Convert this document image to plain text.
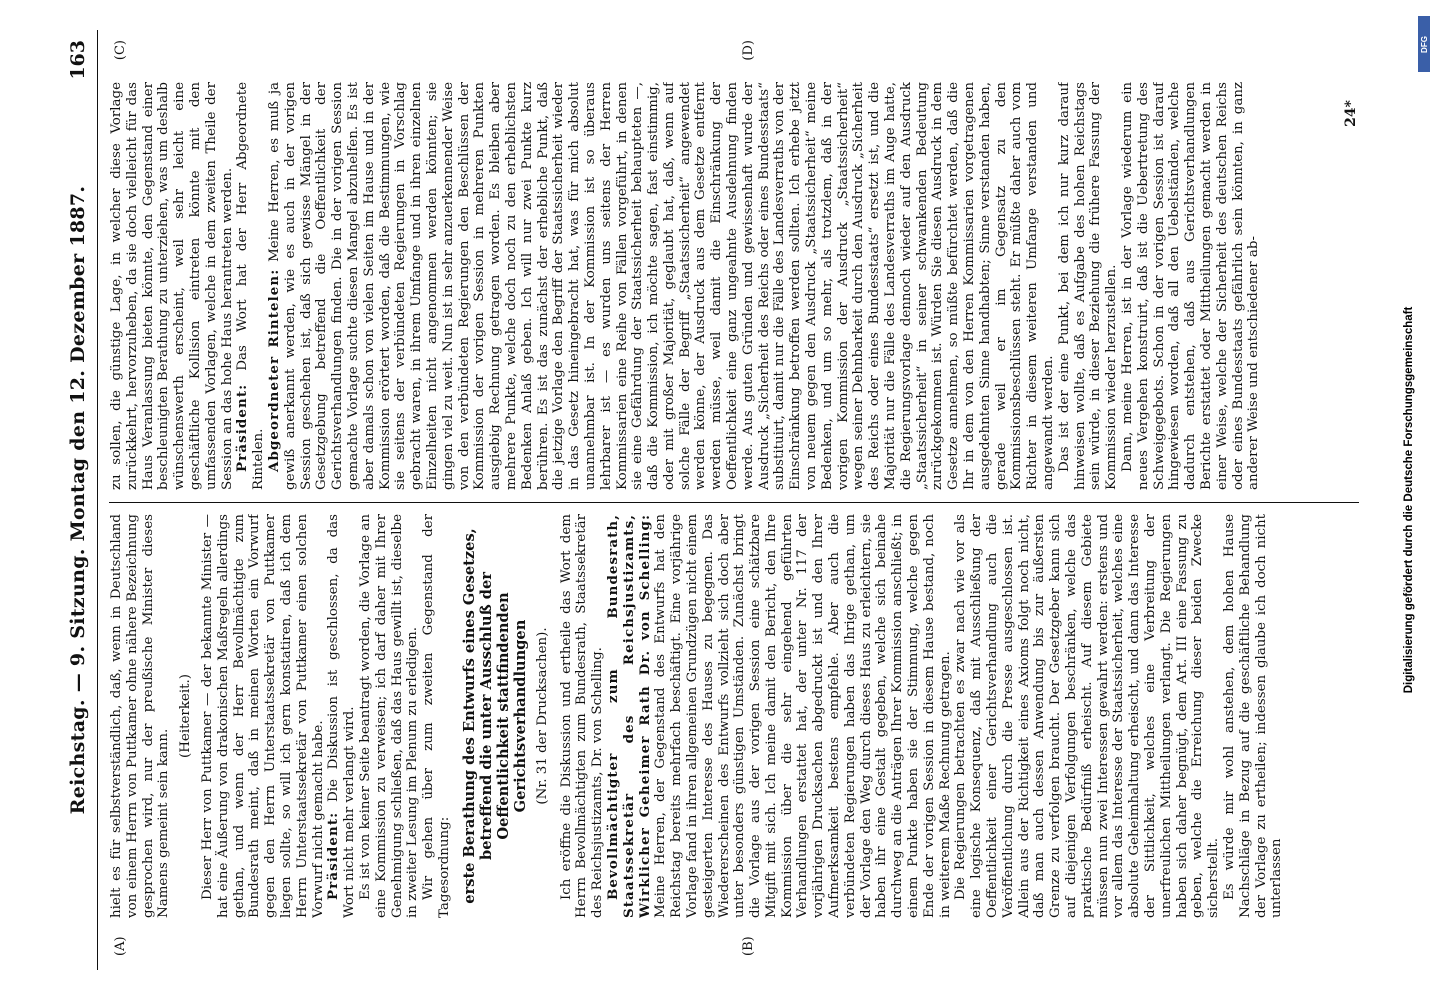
Reichstag. — 9. Sitzung. Montag den 12. Dezember 1887.
163
(A)	(B)
(C)	(D)

hielt es für selbstverständlich, daß, wenn in Deutschland von einem Herrn von Puttkamer ohne nähere Bezeichnung gesprochen wird, nur der preußische Minister dieses Namens gemeint sein kann.

(Heiterkeit.) Dieser Herr von Puttkamer — der bekannte Minister — hat eine Äußerung von drakonischen Maßregeln allerdings gethan, und wenn der Herr Bevollmächtigte zum Bundesrath meint, daß in meinen Worten ein Vorwurf gegen den Herrn Unterstaatssekretär von Puttkamer liegen sollte, so will ich gern konstatiren, daß ich dem Herrn Unterstaatssekretär von Puttkamer einen solchen Vorwurf nicht gemacht habe. Präsident: Die Diskussion ist geschlossen, da das Wort nicht mehr verlangt wird. Es ist von keiner Seite beantragt worden, die Vorlage an eine Kommission zu verweisen; ich darf daher mit Ihrer Genehmigung schließen, daß das Haus gewillt ist, dieselbe in zweiter Lesung im Plenum zu erledigen. Wir gehen über zum zweiten Gegenstand der Tagesordnung: erste Berathung des Entwurfs eines Gesetzes, betreffend die unter Ausschluß der Oeffentlichkeit stattfindenden Gerichtsverhandlungen (Nr. 31 der Drucksachen). Ich eröffne die Diskussion und ertheile das Wort dem Herrn Bevollmächtigten zum Bundesrath, Staatssekretär des Reichsjustizamts, Dr. von Schelling. Bevollmächtigter zum Bundesrath, Staatssekretär des Reichsjustizamts, Wirklicher Geheimer Rath Dr. von Schelling: Meine Herren, der Gegenstand des Entwurfs hat den Reichstag bereits mehrfach beschäftigt. Eine vorjährige Vorlage fand in ihren allgemeinen Grundzügen nicht einem gesteigerten Interesse des Hauses zu begegnen. Das Wiedererscheinen des Entwurfs vollzieht sich doch aber unter besonders günstigen Umständen. Zunächst bringt die Vorlage aus der vorigen Session eine schätzbare Mitgift mit sich. Ich meine damit den Bericht, den Ihre Kommission über die sehr eingehend geführten Verhandlungen erstattet hat, der unter Nr. 117 der vorjährigen Drucksachen abgedruckt ist und den Ihrer Aufmerksamkeit bestens empfehle. Aber auch die verbündeten Regierungen haben das Ihrige gethan, um der Vorlage den Weg durch dieses Haus zu erleichtern, sie haben ihr eine Gestalt gegeben, welche sich beinahe durchweg an die Anträgen Ihrer Kommission anschließt; in einem Punkte haben sie der Stimmung, welche gegen Ende der vorigen Session in diesem Hause bestand, noch in weiterem Maße Rechnung getragen. Die Regierungen betrachten es zwar nach wie vor als eine logische Konsequenz, daß mit Ausschließung der Oeffentlichkeit einer Gerichtsverhandlung auch die Veröffentlichung durch die Presse ausgeschlossen ist. Allein aus der Richtigkeit eines Axioms folgt noch nicht, daß man auch dessen Anwendung bis zur äußersten Grenze zu verfolgen braucht. Der Gesetzgeber kann sich auf diejenigen Verfolgungen beschränken, welche das praktische Bedürfniß erheischt. Auf diesem Gebiete müssen nun zwei Interessen gewahrt werden: erstens und vor allem das Interesse der Staatssicherheit, welches eine absolute Geheimhaltung erheischt, und dann das Interesse der Sittlichkeit, welches eine Verbreitung der unerfreulichen Mittheilungen verlangt. Die Regierungen haben sich daher begnügt, dem Art. III eine Fassung zu geben, welche die Erreichung dieser beiden Zwecke sicherstellt. Es würde mir wohl anstehen, dem hohen Hause Nachschläge in Bezug auf die geschäftliche Behandlung der Vorlage zu ertheilen; indessen glaube ich doch nicht unterlassen

zu sollen, die günstige Lage, in welcher diese Vorlage zurückkehrt, hervorzuheben, da sie doch vielleicht für das Haus Veranlassung bieten könnte, den Gegenstand einer beschleunigten Berathung zu unterziehen, was um deshalb wünschenswerth erscheint, weil sehr leicht eine geschäftliche Kollision eintreten könnte mit den umfassenden Vorlagen, welche in dem zweiten Theile der Session an das hohe Haus herantreten werden. Präsident: Das Wort hat der Herr Abgeordnete Rintelen. Abgeordneter Rintelen: Meine Herren, es muß ja gewiß anerkannt werden, wie es auch in der vorigen Session geschehen ist, daß sich gewisse Mängel in der Gesetzgebung betreffend die Oeffentlichkeit der Gerichtsverhandlungen finden. Die in der vorigen Session gemachte Vorlage suchte diesen Mangel abzuhelfen. Es ist aber damals schon von vielen Seiten im Hause und in der Kommission erörtert worden, daß die Bestimmungen, wie sie seitens der verbündeten Regierungen in Vorschlag gebracht waren, in ihrem Umfange und in ihren einzelnen Einzelheiten nicht angenommen werden könnten; sie gingen viel zu weit. Nun ist in sehr anzuerkennender Weise von den verbündeten Regierungen den Beschlüssen der Kommission der vorigen Session in mehreren Punkten ausgiebig Rechnung getragen worden. Es bleiben aber mehrere Punkte, welche doch noch zu den erheblichsten Bedenken Anlaß geben. Ich will nur zwei Punkte kurz berühren. Es ist das zunächst der erhebliche Punkt, daß die jetzige Vorlage den Begriff der Staatssicherheit wieder in das Gesetz hineingebracht hat, was für mich absolut unannehmbar ist. In der Kommission ist so überaus lehrbarer ist — es wurden uns seitens der Herren Kommissarien eine Reihe von Fällen vorgeführt, in denen sie eine Gefährdung der Staatssicherheit behaupteten —, daß die Kommission, ich möchte sagen, fast einstimmig, oder mit großer Majorität, geglaubt hat, daß, wenn auf solche Fälle der Begriff „Staatssicherheit“ angewendet werden könne, der Ausdruck aus dem Gesetze entfernt werden müsse, weil damit die Einschränkung der Oeffentlichkeit eine ganz ungeahnte Ausdehnung finden werde. Aus guten Gründen und gewissenhaft wurde der Ausdruck „Sicherheit des Reichs oder eines Bundesstaats“ substituirt, damit nur die Fälle des Landesverraths von der Einschränkung betroffen werden sollten. Ich erhebe jetzt von neuem gegen den Ausdruck „Staatssicherheit“ meine Bedenken, und um so mehr, als trotzdem, daß in der vorigen Kommission der Ausdruck „Staatssicherheit“ wegen seiner Dehnbarkeit durch den Ausdruck „Sicherheit des Reichs oder eines Bundesstaats“ ersetzt ist, und die Majorität nur die Fälle des Landesverraths im Auge hatte, die Regierungsvorlage dennoch wieder auf den Ausdruck „Staatssicherheit“ in seiner schwankenden Bedeutung zurückgekommen ist. Würden Sie diesen Ausdruck in dem Gesetze annehmen, so müßte befürchtet werden, daß die Ihr in dem von den Herren Kommissarien vorgetragenen ausgedehnten Sinne handhabten; Sinne verstanden haben, gerade weil er im Gegensatz zu den Kommissionsbeschlüssen steht. Er müßte daher auch vom Richter in diesem weiteren Umfange verstanden und angewandt werden. Das ist der eine Punkt, bei dem ich nur kurz darauf hinweisen wollte, daß es Aufgabe des hohen Reichstags sein würde, in dieser Beziehung die frühere Fassung der Kommission wieder herzustellen. Dann, meine Herren, ist in der Vorlage wiederum ein neues Vergehen konstruirt, daß ist die Uebertretung des Schweigegebots. Schon in der vorigen Session ist darauf hingewiesen worden, daß all den Uebelständen, welche dadurch entstehen, daß aus Gerichtsverhandlungen Berichte erstattet oder Mittheilungen gemacht werden in einer Weise, welche der Sicherheit des deutschen Reichs oder eines Bundesstaats gefährlich sein könnten, in ganz anderer Weise und entschiedener ab-

24*
Digitalisierung gefördert durch die Deutsche Forschungsgemeinschaft
DFG
